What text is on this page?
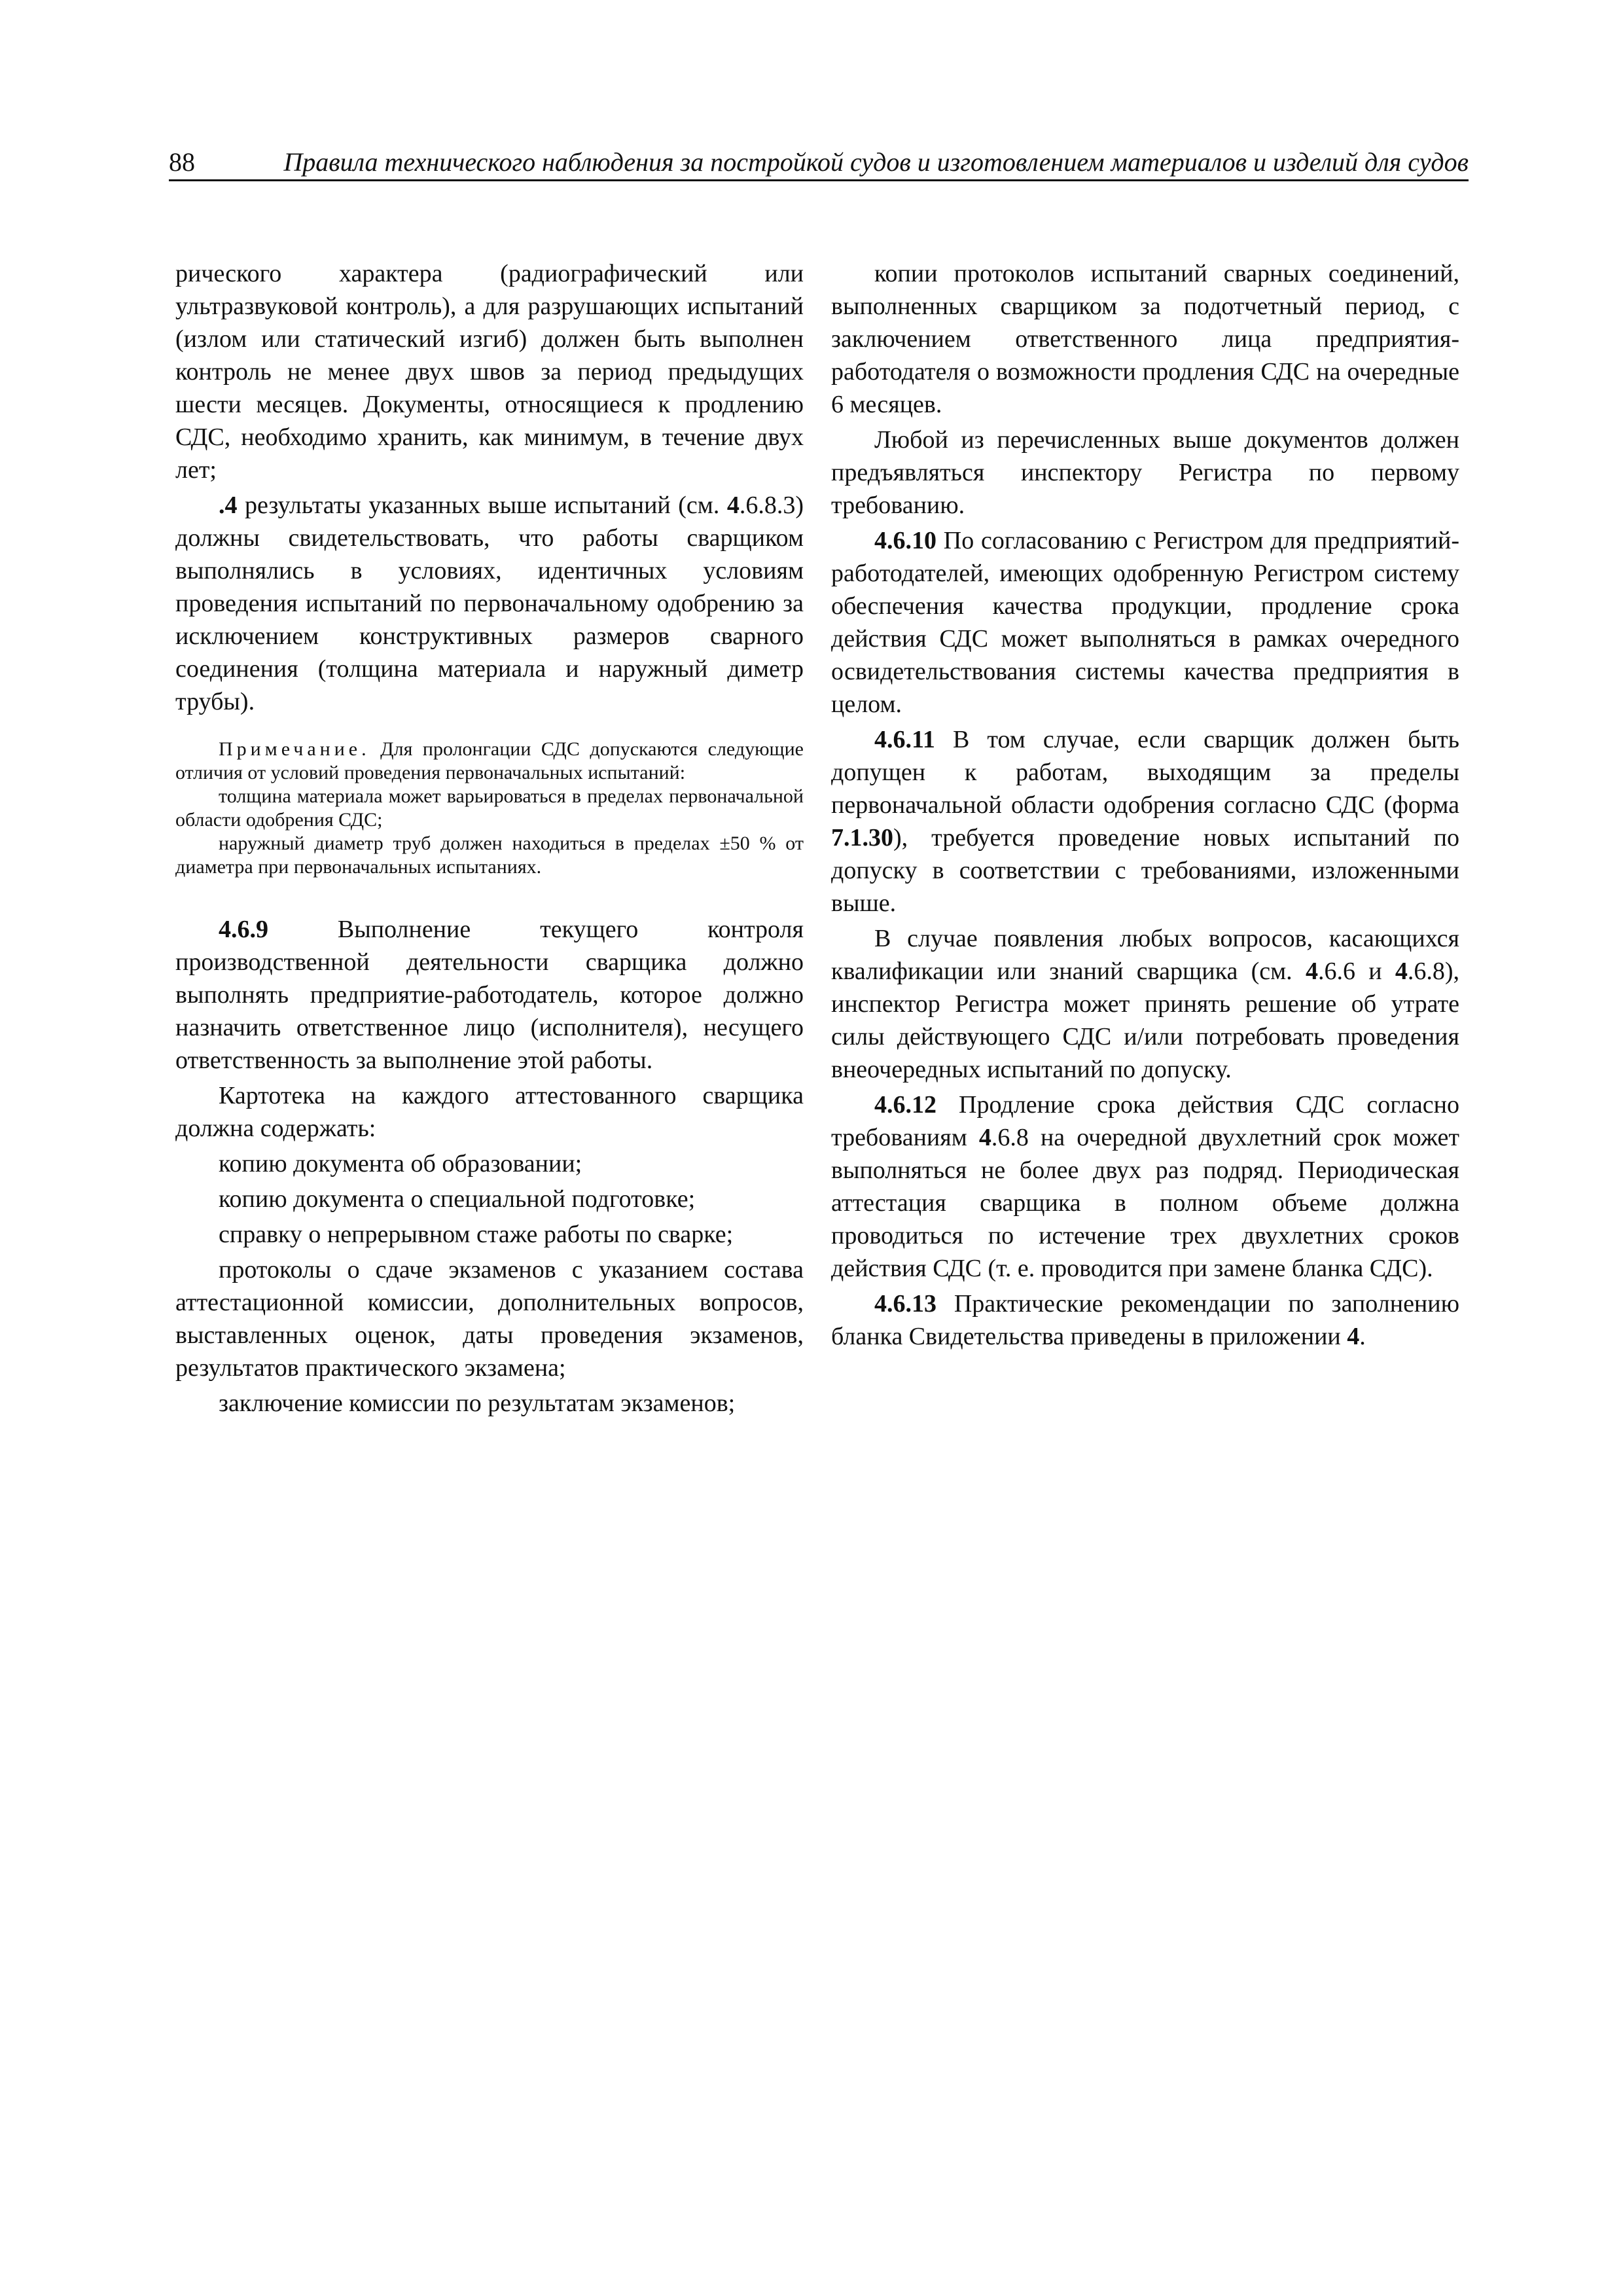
88	Правила технического наблюдения за постройкой судов и изготовлением материалов и изделий для судов

рического характера (радиографический или ультразвуковой контроль), а для разрушающих испытаний (излом или статический изгиб) должен быть выполнен контроль не менее двух швов за период предыдущих шести месяцев. Документы, относящиеся к продлению СДС, необходимо хранить, как минимум, в течение двух лет;

.4 результаты указанных выше испытаний (см. 4.6.8.3) должны свидетельствовать, что работы сварщиком выполнялись в условиях, идентичных условиям проведения испытаний по первоначальному одобрению за исключением конструктивных размеров сварного соединения (толщина материала и наружный диметр трубы).

Примечание. Для пролонгации СДС допускаются следующие отличия от условий проведения первоначальных испытаний:

толщина материала может варьироваться в пределах первоначальной области одобрения СДС;

наружный диаметр труб должен находиться в пределах ±50 % от диаметра при первоначальных испытаниях.

4.6.9 Выполнение текущего контроля производственной деятельности сварщика должно выполнять предприятие-работодатель, которое должно назначить ответственное лицо (исполнителя), несущего ответственность за выполнение этой работы.

Картотека на каждого аттестованного сварщика должна содержать:

копию документа об образовании;

копию документа о специальной подготовке;

справку о непрерывном стаже работы по сварке;

протоколы о сдаче экзаменов с указанием состава аттестационной комиссии, дополнительных вопросов, выставленных оценок, даты проведения экзаменов, результатов практического экзамена;

заключение комиссии по результатам экзаменов;

копии протоколов испытаний сварных соединений, выполненных сварщиком за подотчетный период, с заключением ответственного лица предприятия-работодателя о возможности продления СДС на очередные 6 месяцев.

Любой из перечисленных выше документов должен предъявляться инспектору Регистра по первому требованию.

4.6.10 По согласованию с Регистром для предприятий-работодателей, имеющих одобренную Регистром систему обеспечения качества продукции, продление срока действия СДС может выполняться в рамках очередного освидетельствования системы качества предприятия в целом.

4.6.11 В том случае, если сварщик должен быть допущен к работам, выходящим за пределы первоначальной области одобрения согласно СДС (форма 7.1.30), требуется проведение новых испытаний по допуску в соответствии с требованиями, изложенными выше.

В случае появления любых вопросов, касающихся квалификации или знаний сварщика (см. 4.6.6 и 4.6.8), инспектор Регистра может принять решение об утрате силы действующего СДС и/или потребовать проведения внеочередных испытаний по допуску.

4.6.12 Продление срока действия СДС согласно требованиям 4.6.8 на очередной двухлетний срок может выполняться не более двух раз подряд. Периодическая аттестация сварщика в полном объеме должна проводиться по истечение трех двухлетних сроков действия СДС (т. е. проводится при замене бланка СДС).

4.6.13 Практические рекомендации по заполнению бланка Свидетельства приведены в приложении 4.
